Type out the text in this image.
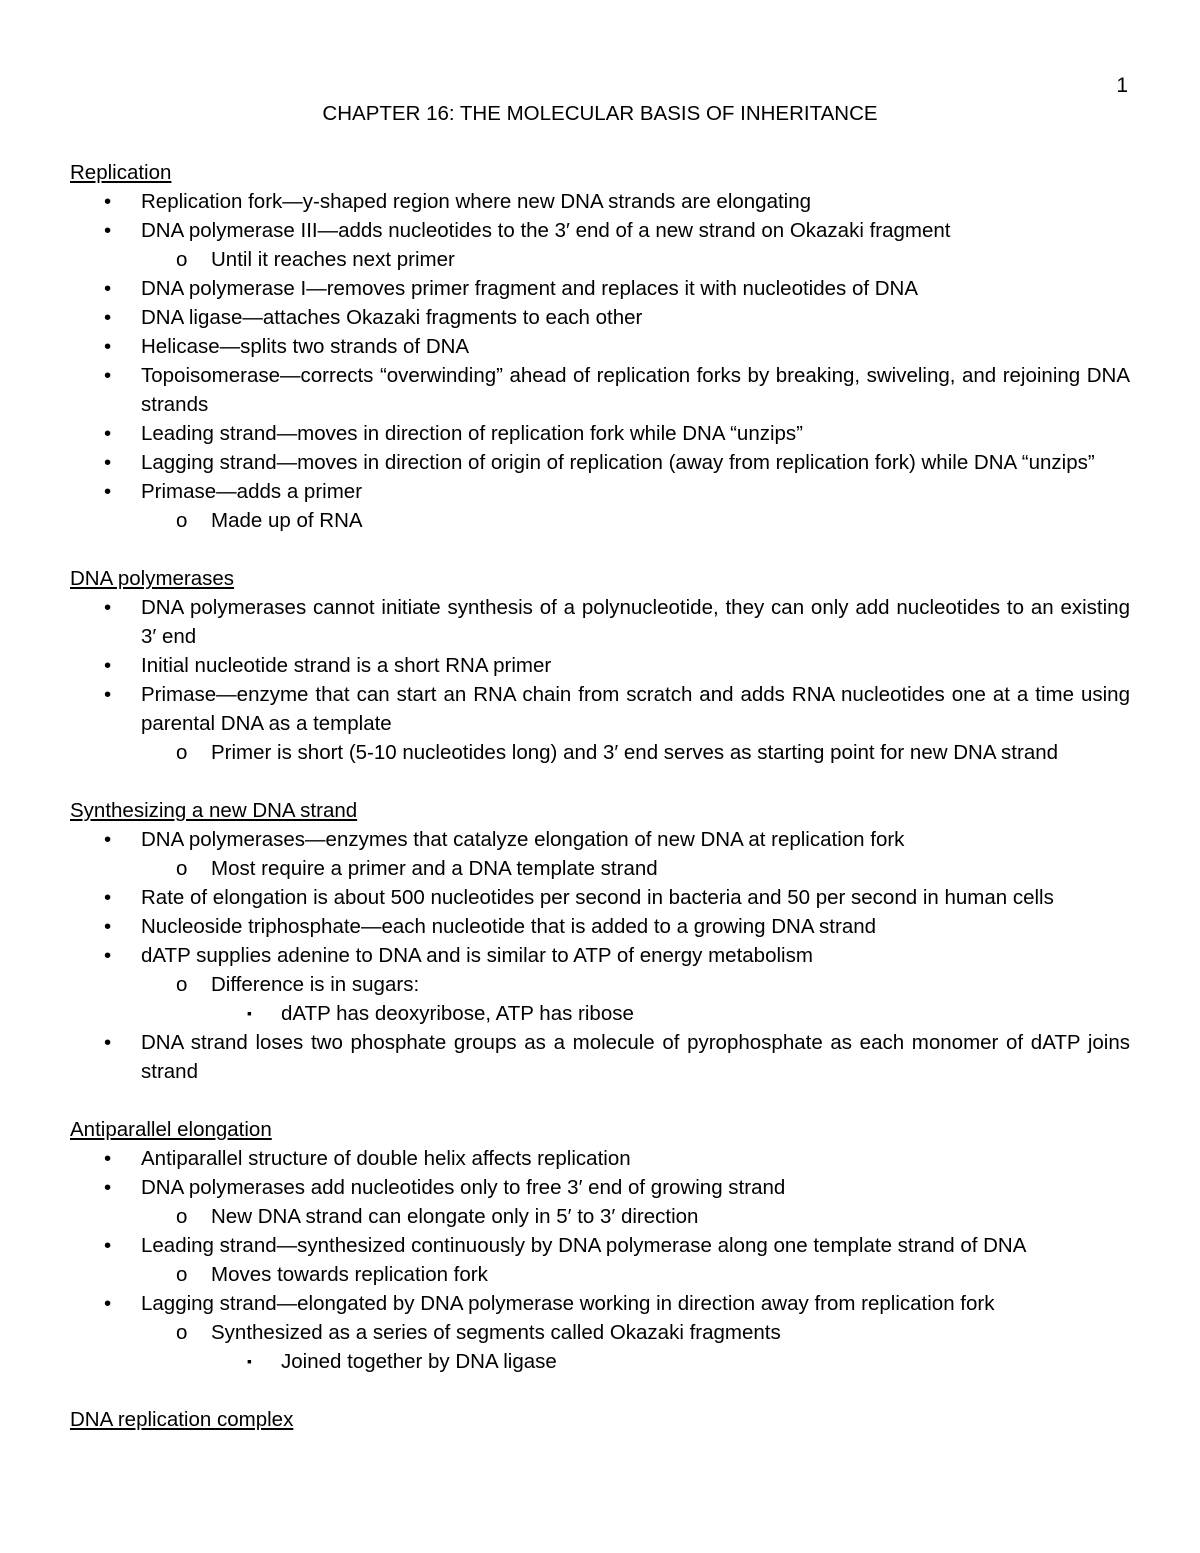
1
CHAPTER 16: THE MOLECULAR BASIS OF INHERITANCE
Replication
• Replication fork—y-shaped region where new DNA strands are elongating
• DNA polymerase III—adds nucleotides to the 3′ end of a new strand on Okazaki fragment
o Until it reaches next primer
• DNA polymerase I—removes primer fragment and replaces it with nucleotides of DNA
• DNA ligase—attaches Okazaki fragments to each other
• Helicase—splits two strands of DNA
• Topoisomerase—corrects “overwinding” ahead of replication forks by breaking, swiveling, and rejoining DNA strands
• Leading strand—moves in direction of replication fork while DNA “unzips”
• Lagging strand—moves in direction of origin of replication (away from replication fork) while DNA “unzips”
• Primase—adds a primer
o Made up of RNA
DNA polymerases
• DNA polymerases cannot initiate synthesis of a polynucleotide, they can only add nucleotides to an existing 3′ end
• Initial nucleotide strand is a short RNA primer
• Primase—enzyme that can start an RNA chain from scratch and adds RNA nucleotides one at a time using parental DNA as a template
o Primer is short (5-10 nucleotides long) and 3′ end serves as starting point for new DNA strand
Synthesizing a new DNA strand
• DNA polymerases—enzymes that catalyze elongation of new DNA at replication fork
o Most require a primer and a DNA template strand
• Rate of elongation is about 500 nucleotides per second in bacteria and 50 per second in human cells
• Nucleoside triphosphate—each nucleotide that is added to a growing DNA strand
• dATP supplies adenine to DNA and is similar to ATP of energy metabolism
o Difference is in sugars:
▪ dATP has deoxyribose, ATP has ribose
• DNA strand loses two phosphate groups as a molecule of pyrophosphate as each monomer of dATP joins strand
Antiparallel elongation
• Antiparallel structure of double helix affects replication
• DNA polymerases add nucleotides only to free 3′ end of growing strand
o New DNA strand can elongate only in 5′ to 3′ direction
• Leading strand—synthesized continuously by DNA polymerase along one template strand of DNA
o Moves towards replication fork
• Lagging strand—elongated by DNA polymerase working in direction away from replication fork
o Synthesized as a series of segments called Okazaki fragments
▪ Joined together by DNA ligase
DNA replication complex
